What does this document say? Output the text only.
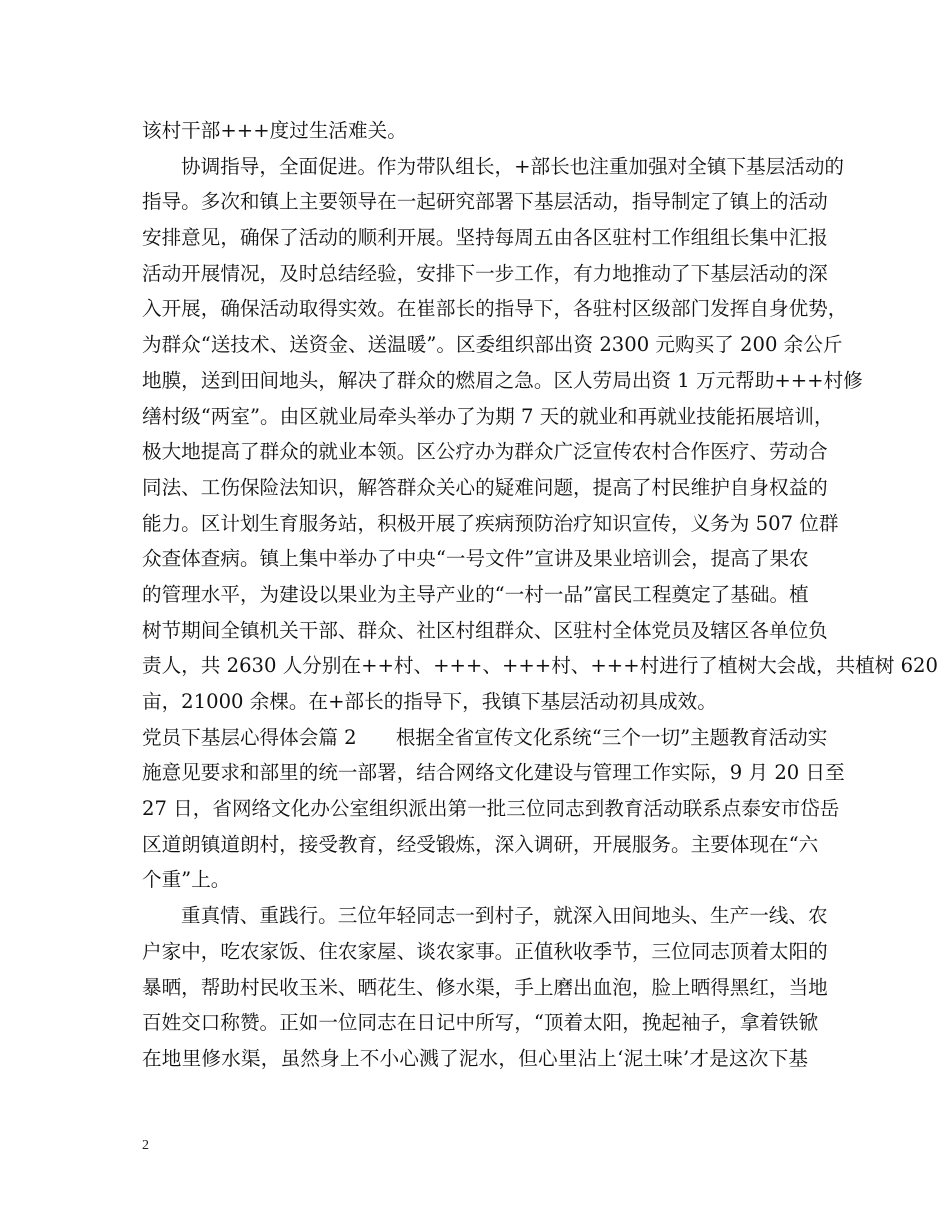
该村干部+++度过生活难关。
协调指导，全面促进。作为带队组长，+部长也注重加强对全镇下基层活动的
指导。多次和镇上主要领导在一起研究部署下基层活动，指导制定了镇上的活动
安排意见，确保了活动的顺利开展。坚持每周五由各区驻村工作组组长集中汇报
活动开展情况，及时总结经验，安排下一步工作，有力地推动了下基层活动的深
入开展，确保活动取得实效。在崔部长的指导下，各驻村区级部门发挥自身优势，
为群众“送技术、送资金、送温暖”。区委组织部出资 2300 元购买了 200 余公斤
地膜，送到田间地头，解决了群众的燃眉之急。区人劳局出资 1 万元帮助+++村修
缮村级“两室”。由区就业局牵头举办了为期 7 天的就业和再就业技能拓展培训，
极大地提高了群众的就业本领。区公疗办为群众广泛宣传农村合作医疗、劳动合
同法、工伤保险法知识，解答群众关心的疑难问题，提高了村民维护自身权益的
能力。区计划生育服务站，积极开展了疾病预防治疗知识宣传，义务为 507 位群
众查体查病。镇上集中举办了中央“一号文件”宣讲及果业培训会，提高了果农
的管理水平，为建设以果业为主导产业的“一村一品”富民工程奠定了基础。植
树节期间全镇机关干部、群众、社区村组群众、区驻村全体党员及辖区各单位负
责人，共 2630 人分别在++村、+++、+++村、+++村进行了植树大会战，共植树 620
亩，21000 余棵。在+部长的指导下，我镇下基层活动初具成效。
党员下基层心得体会篇 2　　根据全省宣传文化系统“三个一切”主题教育活动实
施意见要求和部里的统一部署，结合网络文化建设与管理工作实际，9 月 20 日至
27 日，省网络文化办公室组织派出第一批三位同志到教育活动联系点泰安市岱岳
区道朗镇道朗村，接受教育，经受锻炼，深入调研，开展服务。主要体现在“六
个重”上。
重真情、重践行。三位年轻同志一到村子，就深入田间地头、生产一线、农
户家中，吃农家饭、住农家屋、谈农家事。正值秋收季节，三位同志顶着太阳的
暴晒，帮助村民收玉米、晒花生、修水渠，手上磨出血泡，脸上晒得黑红，当地
百姓交口称赞。正如一位同志在日记中所写，“顶着太阳，挽起袖子，拿着铁锨
在地里修水渠，虽然身上不小心溅了泥水，但心里沾上‘泥土味’才是这次下基
2
